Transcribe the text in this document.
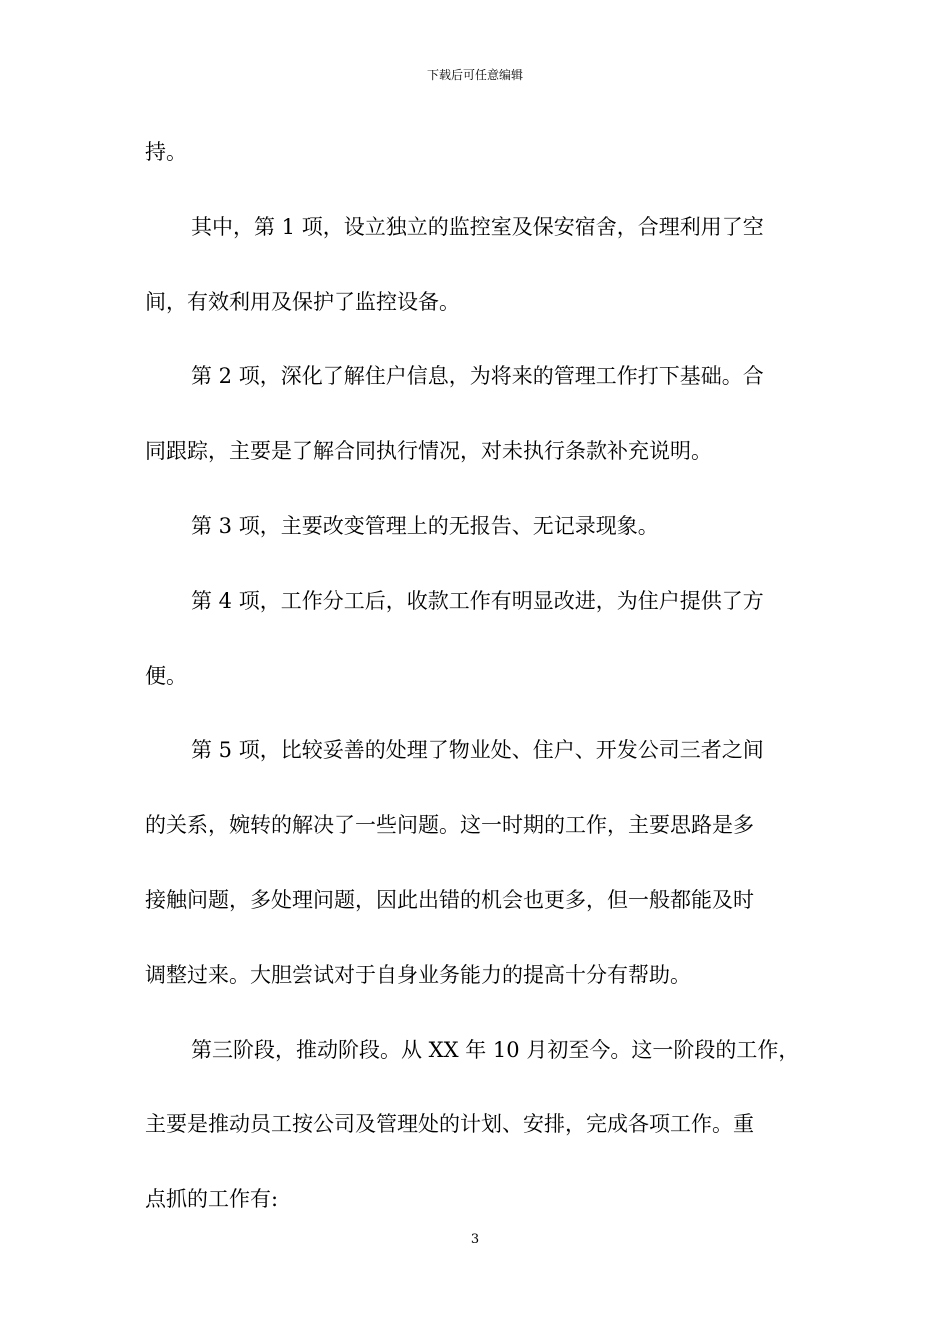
下载后可任意编辑
持。
其中，第 1 项，设立独立的监控室及保安宿舍，合理利用了空
间，有效利用及保护了监控设备。
第 2 项，深化了解住户信息，为将来的管理工作打下基础。合
同跟踪，主要是了解合同执行情况，对未执行条款补充说明。
第 3 项，主要改变管理上的无报告、无记录现象。
第 4 项，工作分工后，收款工作有明显改进，为住户提供了方
便。
第 5 项，比较妥善的处理了物业处、住户、开发公司三者之间
的关系，婉转的解决了一些问题。这一时期的工作，主要思路是多
接触问题，多处理问题，因此出错的机会也更多，但一般都能及时
调整过来。大胆尝试对于自身业务能力的提高十分有帮助。
第三阶段，推动阶段。从 XX 年 10 月初至今。这一阶段的工作，
主要是推动员工按公司及管理处的计划、安排，完成各项工作。重
点抓的工作有:
3
